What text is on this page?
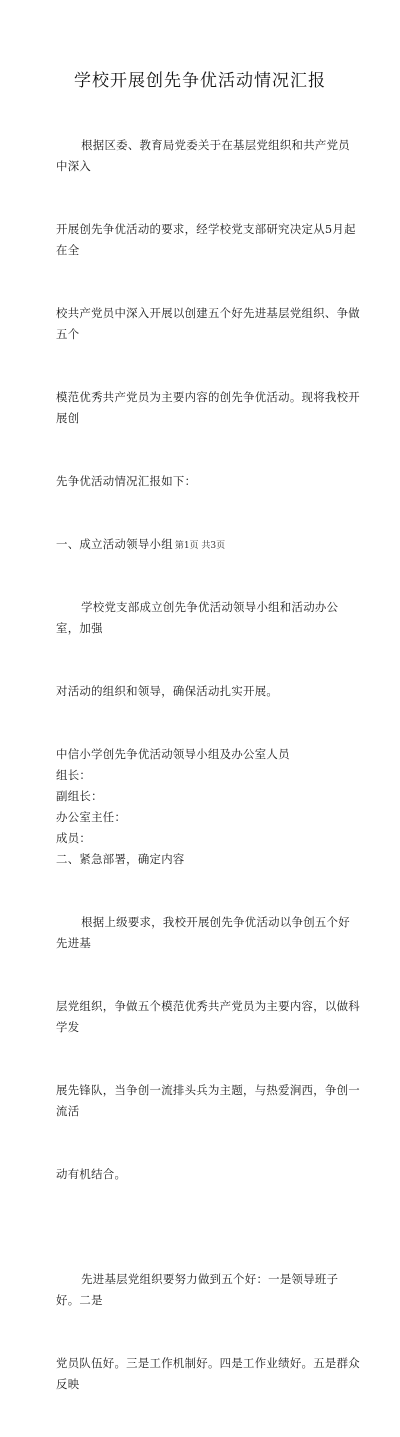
学校开展创先争优活动情况汇报

根据区委、教育局党委关于在基层党组织和共产党员中深入

开展创先争优活动的要求，经学校党支部研究决定从5月起在全

校共产党员中深入开展以创建五个好先进基层党组织、争做五个

模范优秀共产党员为主要内容的创先争优活动。现将我校开展创

先争优活动情况汇报如下：

一、成立活动领导小组

学校党支部成立创先争优活动领导小组和活动办公室，加强

对活动的组织和领导，确保活动扎实开展。

中信小学创先争优活动领导小组及办公室人员

组长：

副组长：

办公室主任：

成员：

二、紧急部署，确定内容

根据上级要求，我校开展创先争优活动以争创五个好先进基

层党组织，争做五个模范优秀共产党员为主要内容，以做科学发

展先锋队，当争创一流排头兵为主题，与热爱涧西，争创一流活

动有机结合。

先进基层党组织要努力做到五个好：一是领导班子好。二是

党员队伍好。三是工作机制好。四是工作业绩好。五是群众反映

第1页 共3页
